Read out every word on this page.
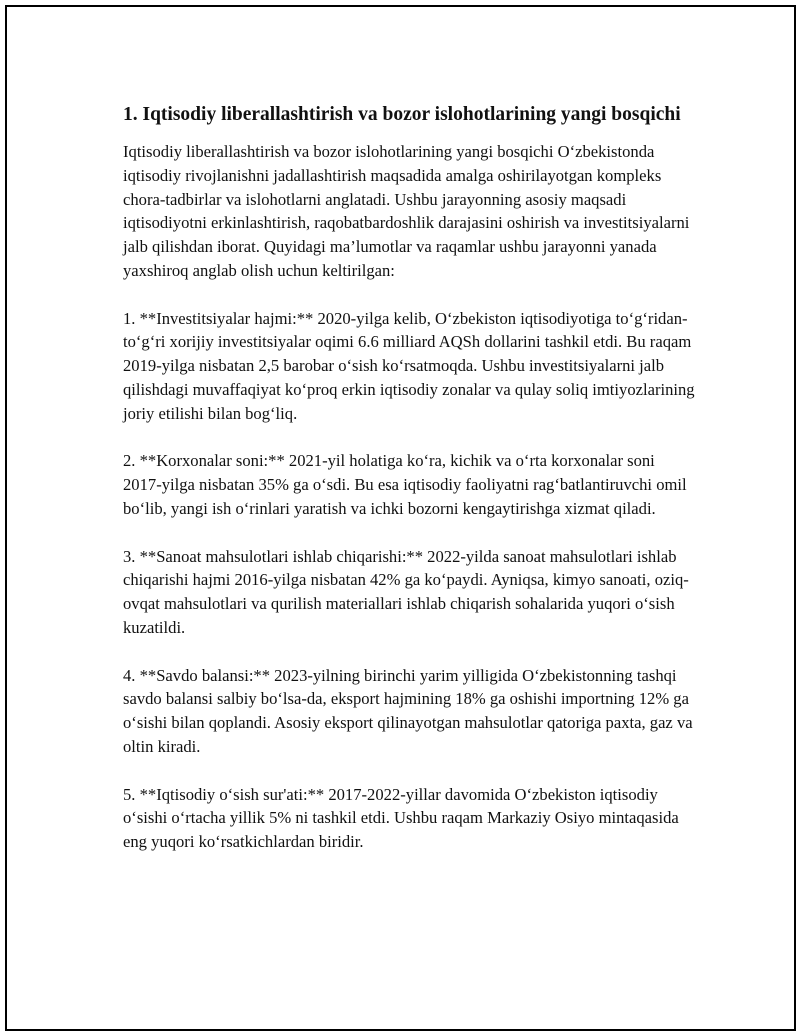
1. Iqtisodiy liberallashtirish va bozor islohotlarining yangi bosqichi

Iqtisodiy liberallashtirish va bozor islohotlarining yangi bosqichi O‘zbekistonda iqtisodiy rivojlanishni jadallashtirish maqsadida amalga oshirilayotgan kompleks chora-tadbirlar va islohotlarni anglatadi. Ushbu jarayonning asosiy maqsadi iqtisodiyotni erkinlashtirish, raqobatbardoshlik darajasini oshirish va investitsiyalarni jalb qilishdan iborat. Quyidagi ma’lumotlar va raqamlar ushbu jarayonni yanada yaxshiroq anglab olish uchun keltirilgan:

1. **Investitsiyalar hajmi:** 2020-yilga kelib, O‘zbekiston iqtisodiyotiga to‘g‘ridan-to‘g‘ri xorijiy investitsiyalar oqimi 6.6 milliard AQSh dollarini tashkil etdi. Bu raqam 2019-yilga nisbatan 2,5 barobar o‘sish ko‘rsatmoqda. Ushbu investitsiyalarni jalb qilishdagi muvaffaqiyat ko‘proq erkin iqtisodiy zonalar va qulay soliq imtiyozlarining joriy etilishi bilan bog‘liq.

2. **Korxonalar soni:** 2021-yil holatiga ko‘ra, kichik va o‘rta korxonalar soni 2017-yilga nisbatan 35% ga o‘sdi. Bu esa iqtisodiy faoliyatni rag‘batlantiruvchi omil bo‘lib, yangi ish o‘rinlari yaratish va ichki bozorni kengaytirishga xizmat qiladi.

3. **Sanoat mahsulotlari ishlab chiqarishi:** 2022-yilda sanoat mahsulotlari ishlab chiqarishi hajmi 2016-yilga nisbatan 42% ga ko‘paydi. Ayniqsa, kimyo sanoati, oziq-ovqat mahsulotlari va qurilish materiallari ishlab chiqarish sohalarida yuqori o‘sish kuzatildi.

4. **Savdo balansi:** 2023-yilning birinchi yarim yilligida O‘zbekistonning tashqi savdo balansi salbiy bo‘lsa-da, eksport hajmining 18% ga oshishi importning 12% ga o‘sishi bilan qoplandi. Asosiy eksport qilinayotgan mahsulotlar qatoriga paxta, gaz va oltin kiradi.

5. **Iqtisodiy o‘sish sur'ati:** 2017-2022-yillar davomida O‘zbekiston iqtisodiy o‘sishi o‘rtacha yillik 5% ni tashkil etdi. Ushbu raqam Markaziy Osiyo mintaqasida eng yuqori ko‘rsatkichlardan biridir.
